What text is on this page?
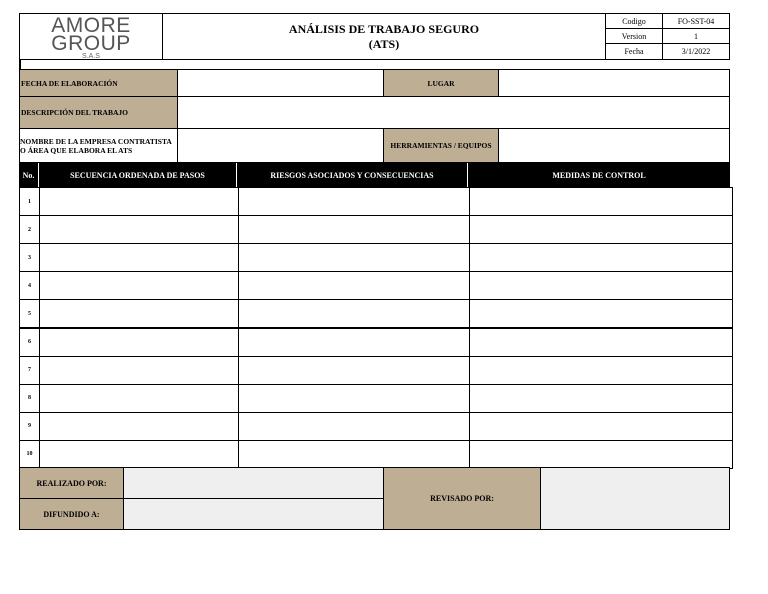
AMORE
GROUP
S.A.S
ANÁLISIS DE TRABAJO SEGURO
(ATS)
Codigo	FO-SST-04
Version	1
Fecha	3/1/2022
FECHA DE ELABORACIÓN	LUGAR
DESCRIPCIÓN DEL TRABAJO
NOMBRE DE LA EMPRESA CONTRATISTA
O ÁREA QUE ELABORA EL ATS	HERRAMIENTAS / EQUIPOS
No.	SECUENCIA ORDENADA DE PASOS	RIESGOS ASOCIADOS Y CONSECUENCIAS	MEDIDAS DE CONTROL
1
2
3
4
5
6
7
8
9
10
REALIZADO POR:
DIFUNDIDO A:
REVISADO POR:
